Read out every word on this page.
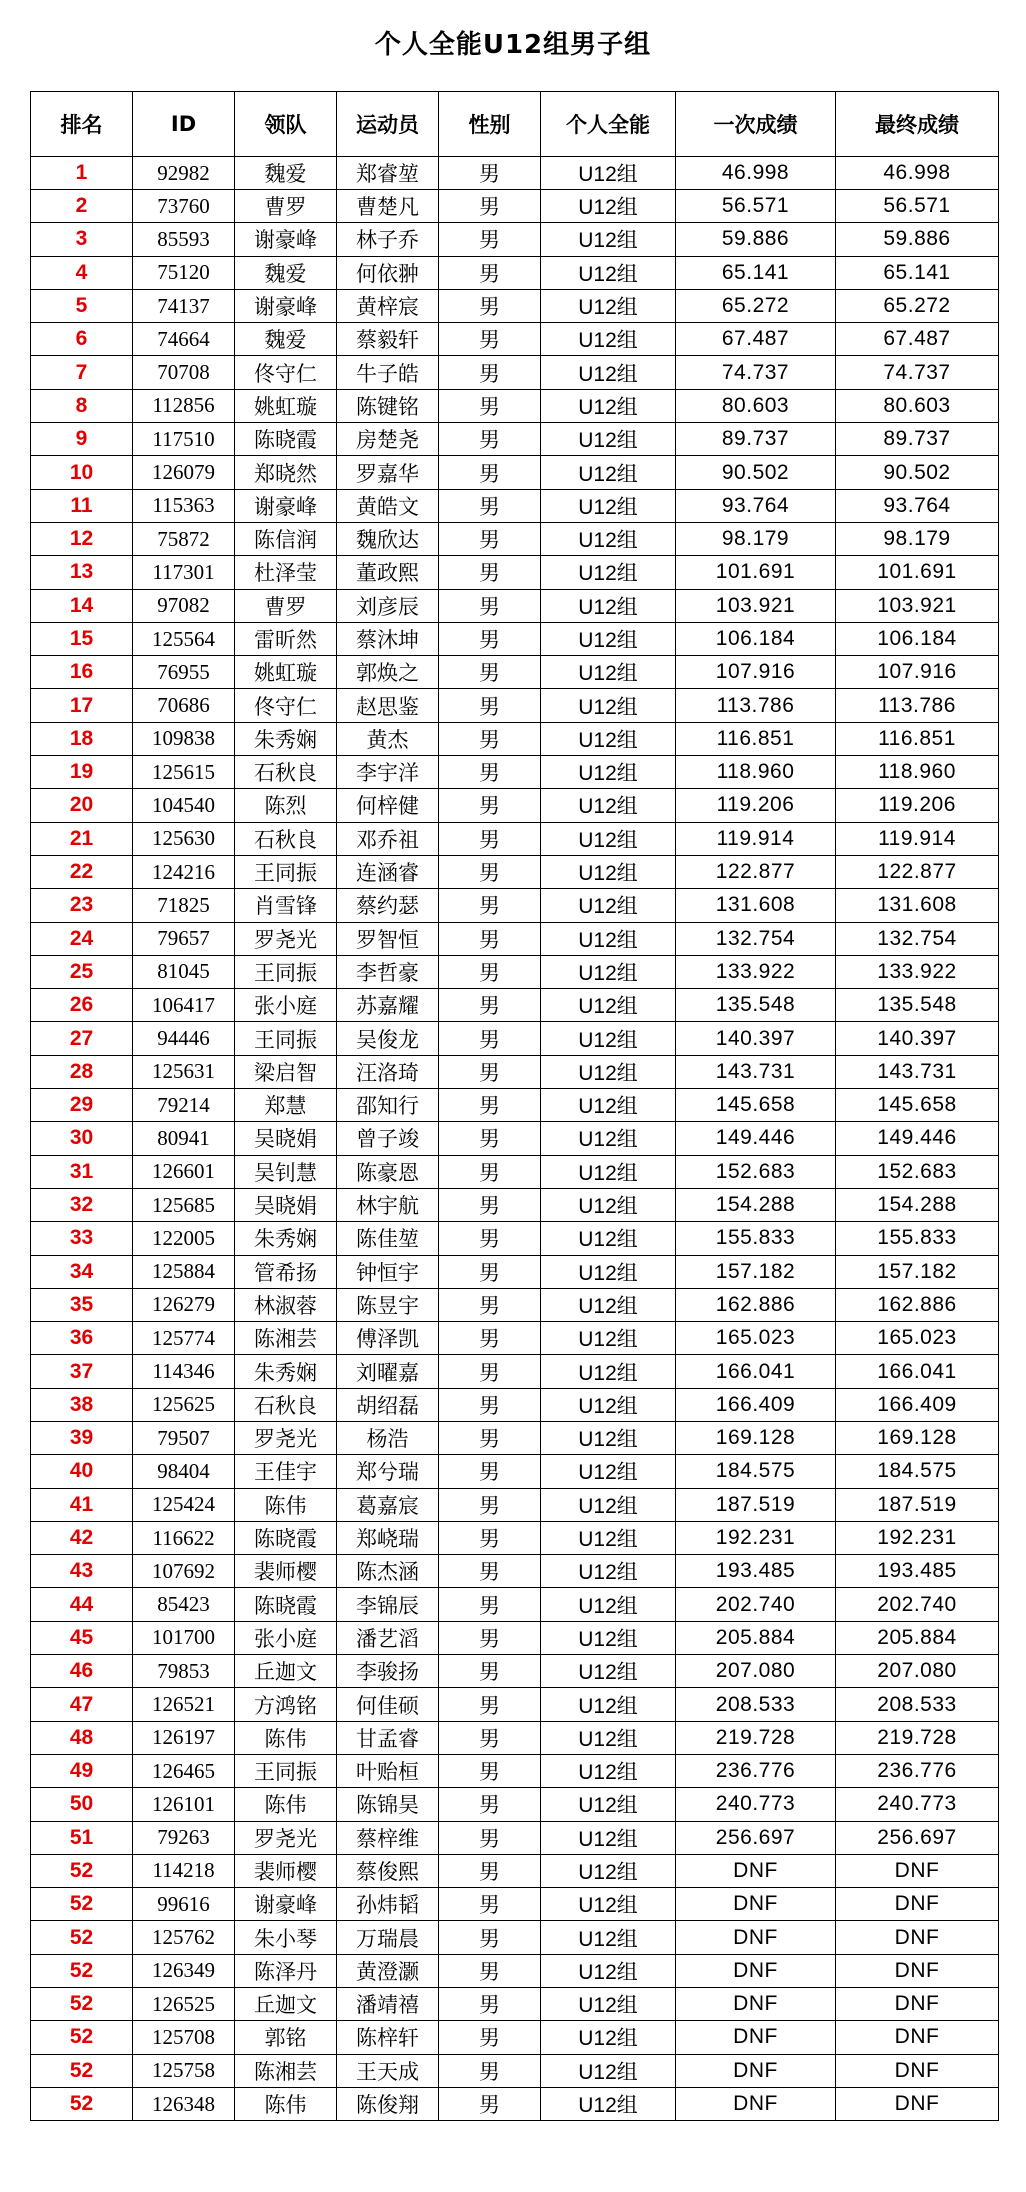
个人全能U12组男子组
排名	ID	领队	运动员	性别	个人全能	一次成绩	最终成绩
1	92982	魏爱	郑睿堃	男	U12组	46.998	46.998
2	73760	曹罗	曹楚凡	男	U12组	56.571	56.571
3	85593	谢豪峰	林子乔	男	U12组	59.886	59.886
4	75120	魏爱	何依翀	男	U12组	65.141	65.141
5	74137	谢豪峰	黄梓宸	男	U12组	65.272	65.272
6	74664	魏爱	蔡毅轩	男	U12组	67.487	67.487
7	70708	佟守仁	牛子皓	男	U12组	74.737	74.737
8	112856	姚虹璇	陈键铭	男	U12组	80.603	80.603
9	117510	陈晓霞	房楚尧	男	U12组	89.737	89.737
10	126079	郑晓然	罗嘉华	男	U12组	90.502	90.502
11	115363	谢豪峰	黄皓文	男	U12组	93.764	93.764
12	75872	陈信润	魏欣达	男	U12组	98.179	98.179
13	117301	杜泽莹	董政熙	男	U12组	101.691	101.691
14	97082	曹罗	刘彦辰	男	U12组	103.921	103.921
15	125564	雷昕然	蔡沐坤	男	U12组	106.184	106.184
16	76955	姚虹璇	郭焕之	男	U12组	107.916	107.916
17	70686	佟守仁	赵思鉴	男	U12组	113.786	113.786
18	109838	朱秀娴	黄杰	男	U12组	116.851	116.851
19	125615	石秋良	李宇洋	男	U12组	118.960	118.960
20	104540	陈烈	何梓健	男	U12组	119.206	119.206
21	125630	石秋良	邓乔祖	男	U12组	119.914	119.914
22	124216	王同振	连涵睿	男	U12组	122.877	122.877
23	71825	肖雪锋	蔡约瑟	男	U12组	131.608	131.608
24	79657	罗尧光	罗智恒	男	U12组	132.754	132.754
25	81045	王同振	李哲豪	男	U12组	133.922	133.922
26	106417	张小庭	苏嘉耀	男	U12组	135.548	135.548
27	94446	王同振	吴俊龙	男	U12组	140.397	140.397
28	125631	梁启智	汪洛琦	男	U12组	143.731	143.731
29	79214	郑慧	邵知行	男	U12组	145.658	145.658
30	80941	吴晓娟	曾子竣	男	U12组	149.446	149.446
31	126601	吴钊慧	陈豪恩	男	U12组	152.683	152.683
32	125685	吴晓娟	林宇航	男	U12组	154.288	154.288
33	122005	朱秀娴	陈佳堃	男	U12组	155.833	155.833
34	125884	管希扬	钟恒宇	男	U12组	157.182	157.182
35	126279	林淑蓉	陈昱宇	男	U12组	162.886	162.886
36	125774	陈湘芸	傅泽凯	男	U12组	165.023	165.023
37	114346	朱秀娴	刘曜嘉	男	U12组	166.041	166.041
38	125625	石秋良	胡绍磊	男	U12组	166.409	166.409
39	79507	罗尧光	杨浩	男	U12组	169.128	169.128
40	98404	王佳宇	郑兮瑞	男	U12组	184.575	184.575
41	125424	陈伟	葛嘉宸	男	U12组	187.519	187.519
42	116622	陈晓霞	郑峣瑞	男	U12组	192.231	192.231
43	107692	裴师樱	陈杰涵	男	U12组	193.485	193.485
44	85423	陈晓霞	李锦辰	男	U12组	202.740	202.740
45	101700	张小庭	潘艺滔	男	U12组	205.884	205.884
46	79853	丘迦文	李骏扬	男	U12组	207.080	207.080
47	126521	方鸿铭	何佳硕	男	U12组	208.533	208.533
48	126197	陈伟	甘孟睿	男	U12组	219.728	219.728
49	126465	王同振	叶贻桓	男	U12组	236.776	236.776
50	126101	陈伟	陈锦昊	男	U12组	240.773	240.773
51	79263	罗尧光	蔡梓维	男	U12组	256.697	256.697
52	114218	裴师樱	蔡俊熙	男	U12组	DNF	DNF
52	99616	谢豪峰	孙炜韬	男	U12组	DNF	DNF
52	125762	朱小琴	万瑞晨	男	U12组	DNF	DNF
52	126349	陈泽丹	黄澄灏	男	U12组	DNF	DNF
52	126525	丘迦文	潘靖禧	男	U12组	DNF	DNF
52	125708	郭铭	陈梓轩	男	U12组	DNF	DNF
52	125758	陈湘芸	王天成	男	U12组	DNF	DNF
52	126348	陈伟	陈俊翔	男	U12组	DNF	DNF
